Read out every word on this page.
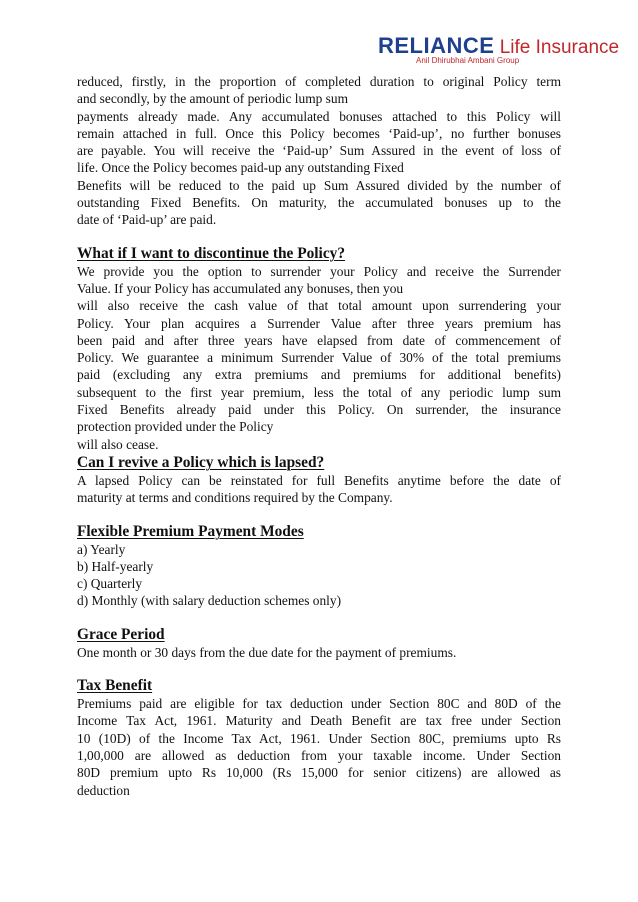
RELIANCE Life Insurance
Anil Dhirubhai Ambani Group

reduced, firstly, in the proportion of completed duration to original Policy term

and secondly, by the amount of periodic lump sum

payments already made. Any accumulated bonuses attached to this Policy will

remain attached in full. Once this Policy becomes ‘Paid-up’, no further bonuses

are payable. You will receive the ‘Paid-up’ Sum Assured in the event of loss of

life. Once the Policy becomes paid-up any outstanding Fixed

Benefits will be reduced to the paid up Sum Assured divided by the number of

outstanding Fixed Benefits. On maturity, the accumulated bonuses up to the

date of ‘Paid-up’ are paid.

What if I want to discontinue the Policy?

We provide you the option to surrender your Policy and receive the Surrender

Value. If your Policy has accumulated any bonuses, then you

will also receive the cash value of that total amount upon surrendering your

Policy. Your plan acquires a Surrender Value after three years premium has

been paid and after three years have elapsed from date of commencement of

Policy. We guarantee a minimum Surrender Value of 30% of the total premiums

paid (excluding any extra premiums and premiums for additional benefits)

subsequent to the first year premium, less the total of any periodic lump sum

Fixed Benefits already paid under this Policy. On surrender, the insurance

protection provided under the Policy

will also cease.

Can I revive a Policy which is lapsed?

A lapsed Policy can be reinstated for full Benefits anytime before the date of

maturity at terms and conditions required by the Company.

Flexible Premium Payment Modes

a) Yearly

b) Half-yearly

c) Quarterly

d) Monthly (with salary deduction schemes only)

Grace Period

One month or 30 days from the due date for the payment of premiums.

Tax Benefit

Premiums paid are eligible for tax deduction under Section 80C and 80D of the

Income Tax Act, 1961. Maturity and Death Benefit are tax free under Section

10 (10D) of the Income Tax Act, 1961. Under Section 80C, premiums upto Rs

1,00,000 are allowed as deduction from your taxable income. Under Section

80D premium upto Rs 10,000 (Rs 15,000 for senior citizens) are allowed as

deduction
